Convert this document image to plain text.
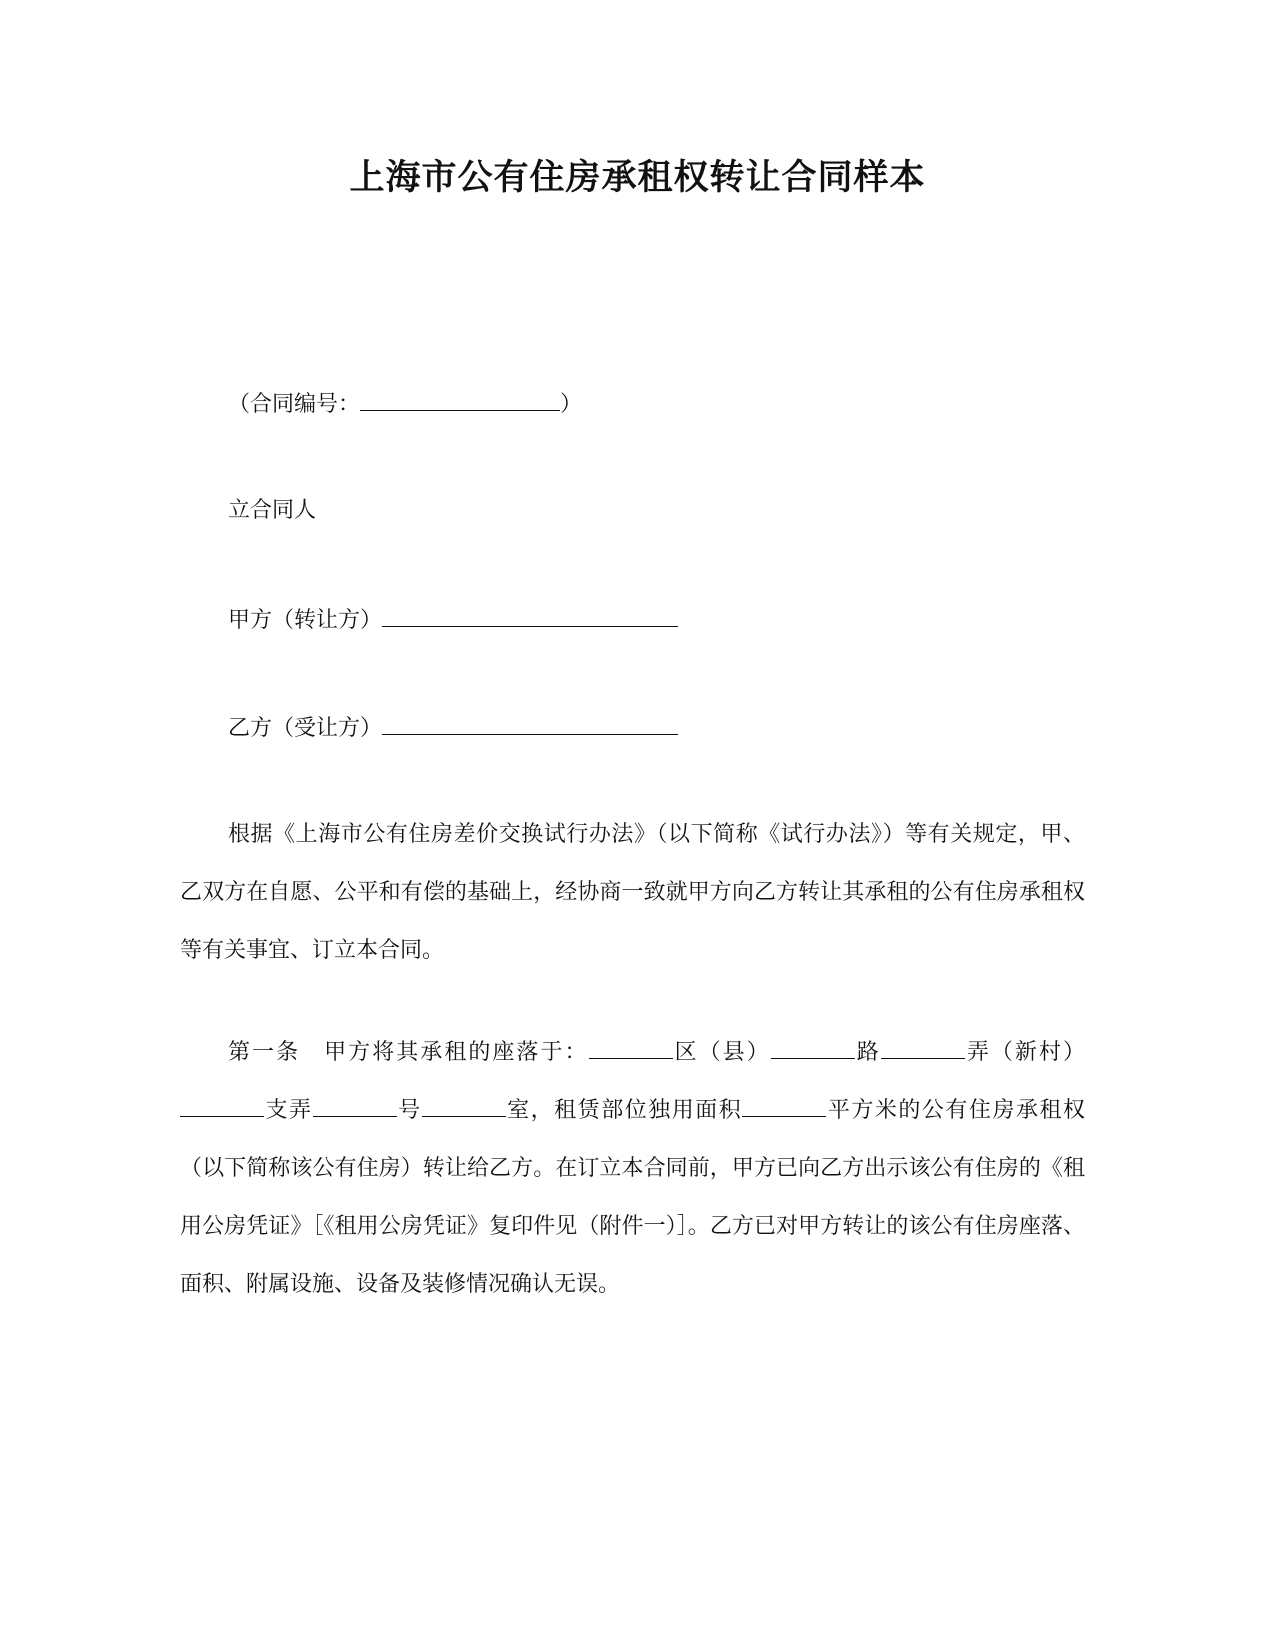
上海市公有住房承租权转让合同样本
（合同编号：	）
立合同人
甲方（转让方）
乙方（受让方）
根据《上海市公有住房差价交换试行办法》（以下简称《试行办法》）等有关规定，甲、乙双方在自愿、公平和有偿的基础上，经协商一致就甲方向乙方转让其承租的公有住房承租权等有关事宜、订立本合同。
第一条　甲方将其承租的座落于：	区（县）	路	弄（新村）支弄	号	室，租赁部位独用面积	平方米的公有住房承租权（以下简称该公有住房）转让给乙方。在订立本合同前，甲方已向乙方出示该公有住房的《租用公房凭证》［《租用公房凭证》复印件见（附件一）］。乙方已对甲方转让的该公有住房座落、面积、附属设施、设备及装修情况确认无误。
